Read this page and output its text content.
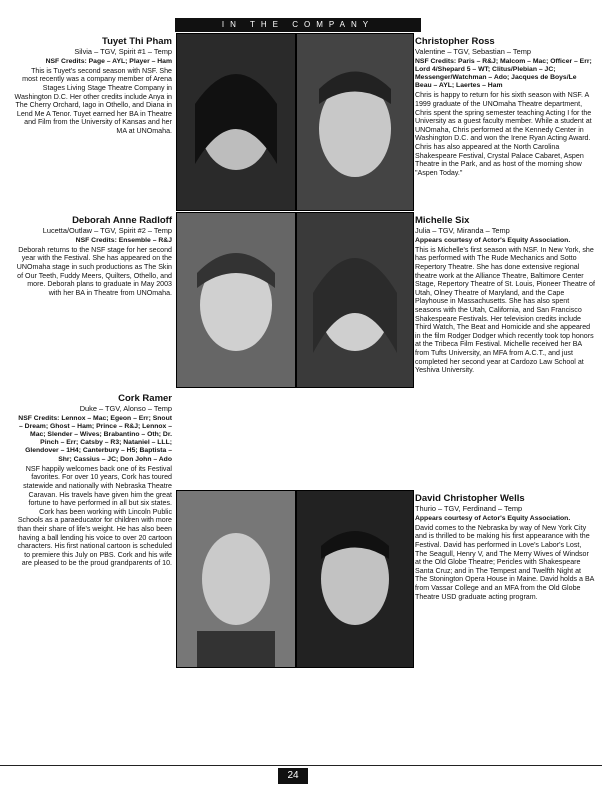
IN THE COMPANY
Tuyet Thi Pham
Silvia – TGV, Spirit #1 – Temp
NSF Credits: Page – AYL; Player – Ham
This is Tuyet's second season with NSF. She most recently was a company member of Arena Stages Living Stage Theatre Company in Washington D.C. Her other credits include Anya in The Cherry Orchard, Iago in Othello, and Diana in Lend Me A Tenor. Tuyet earned her BA in Theatre and Film from the University of Kansas and her MA at UNOmaha.
Christopher Ross
Valentine – TGV, Sebastian – Temp
NSF Credits: Paris – R&J; Malcom – Mac; Officer – Err; Lord 4/Shepard 5 – WT; Clitus/Plebian – JC; Messenger/Watchman – Ado; Jacques de Boys/Le Beau – AYL; Laertes – Ham
Chris is happy to return for his sixth season with NSF. A 1999 graduate of the UNOmaha Theatre department, Chris spent the spring semester teaching Acting I for the University as a guest faculty member. While a student at UNOmaha, Chris performed at the Kennedy Center in Washington D.C. and won the Irene Ryan Acting Award. Chris has also appeared at the North Carolina Shakespeare Festival, Crystal Palace Cabaret, Aspen Theatre in the Park, and as host of the morning show "Aspen Today."
Deborah Anne Radloff
Lucetta/Outlaw – TGV, Spirit #2 – Temp
NSF Credits: Ensemble – R&J
Deborah returns to the NSF stage for her second year with the Festival. She has appeared on the UNOmaha stage in such productions as The Skin of Our Teeth, Fuddy Meers, Quilters, Othello, and more. Deborah plans to graduate in May 2003 with her BA in Theatre from UNOmaha.
Michelle Six
Julia – TGV, Miranda – Temp
Appears courtesy of Actor's Equity Association.
This is Michelle's first season with NSF. In New York, she has performed with The Rude Mechanics and Sotto Repertory Theatre. She has done extensive regional theatre work at the Alliance Theatre, Baltimore Center Stage, Repertory Theatre of St. Louis, Pioneer Theatre of Utah, Olney Theatre of Maryland, and the Cape Playhouse in Massachusetts. She has also spent seasons with the Utah, California, and San Francisco Shakespeare Festivals. Her television credits include Third Watch, The Beat and Homicide and she appeared in the film Rodger Dodger which recently took top honors at the Tribeca Film Festival. Michelle received her BA from Tufts University, an MFA from A.C.T., and just completed her second year at Cardozo Law School at Yeshiva University.
Cork Ramer
Duke – TGV, Alonso – Temp
NSF Credits: Lennox – Mac; Egeon – Err; Snout – Dream; Ghost – Ham; Prince – R&J; Lennox – Mac; Slender – Wives; Brabantino – Oth; Dr. Pinch – Err; Catsby – R3; Nataniel – LLL; Glendover – 1H4; Canterbury – H5; Baptista – Shr; Cassius – JC; Don John – Ado
NSF happily welcomes back one of its Festival favorites. For over 10 years, Cork has toured statewide and nationally with Nebraska Theatre Caravan. His travels have given him the great fortune to have performed in all but six states. Cork has been working with Lincoln Public Schools as a paraeducator for children with more than their share of life's weight. He has also been having a ball lending his voice to over 20 cartoon characters. His first national cartoon is scheduled to premiere this July on PBS. Cork and his wife are pleased to be the proud grandparents of 10.
David Christopher Wells
Thurio – TGV, Ferdinand – Temp
Appears courtesy of Actor's Equity Association.
David comes to the Nebraska by way of New York City and is thrilled to be making his first appearance with the Festival. David has performed in Love's Labor's Lost, The Seagull, Henry V, and The Merry Wives of Windsor at the Old Globe Theatre; Pericles with Shakespeare Santa Cruz; and in The Tempest and Twelfth Night at The Stonington Opera House in Maine. David holds a BA from Vassar College and an MFA from the Old Globe Theatre USD graduate acting program.
24
